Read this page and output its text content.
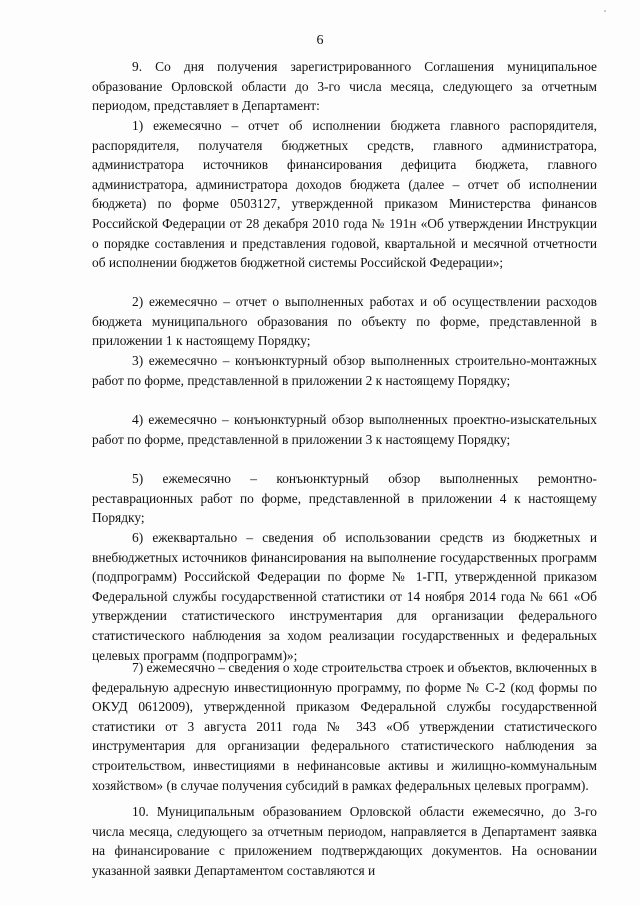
6

9. Со дня получения зарегистрированного Соглашения муниципальное образование Орловской области до 3-го числа месяца, следующего за отчетным периодом, представляет в Департамент:

1) ежемесячно – отчет об исполнении бюджета главного распорядителя, распорядителя, получателя бюджетных средств, главного администратора, администратора источников финансирования дефицита бюджета, главного администратора, администратора доходов бюджета (далее – отчет об исполнении бюджета) по форме 0503127, утвержденной приказом Министерства финансов Российской Федерации от 28 декабря 2010 года № 191н «Об утверждении Инструкции о порядке составления и представления годовой, квартальной и месячной отчетности об исполнении бюджетов бюджетной системы Российской Федерации»;

2) ежемесячно – отчет о выполненных работах и об осуществлении расходов бюджета муниципального образования по объекту по форме, представленной в приложении 1 к настоящему Порядку;

3) ежемесячно – конъюнктурный обзор выполненных строительно-монтажных работ по форме, представленной в приложении 2 к настоящему Порядку;

4) ежемесячно – конъюнктурный обзор выполненных проектно-изыскательных работ по форме, представленной в приложении 3 к настоящему Порядку;

5) ежемесячно – конъюнктурный обзор выполненных ремонтно-реставрационных работ по форме, представленной в приложении 4 к настоящему Порядку;

6) ежеквартально – сведения об использовании средств из бюджетных и внебюджетных источников финансирования на выполнение государственных программ (подпрограмм) Российской Федерации по форме № 1-ГП, утвержденной приказом Федеральной службы государственной статистики от 14 ноября 2014 года № 661 «Об утверждении статистического инструментария для организации федерального статистического наблюдения за ходом реализации государственных и федеральных целевых программ (подпрограмм)»;

7) ежемесячно – сведения о ходе строительства строек и объектов, включенных в федеральную адресную инвестиционную программу, по форме № С-2 (код формы по ОКУД 0612009), утвержденной приказом Федеральной службы государственной статистики от 3 августа 2011 года № 343 «Об утверждении статистического инструментария для организации федерального статистического наблюдения за строительством, инвестициями в нефинансовые активы и жилищно-коммунальным хозяйством» (в случае получения субсидий в рамках федеральных целевых программ).

10. Муниципальным образованием Орловской области ежемесячно, до 3-го числа месяца, следующего за отчетным периодом, направляется в Департамент заявка на финансирование с приложением подтверждающих документов. На основании указанной заявки Департаментом составляются и
